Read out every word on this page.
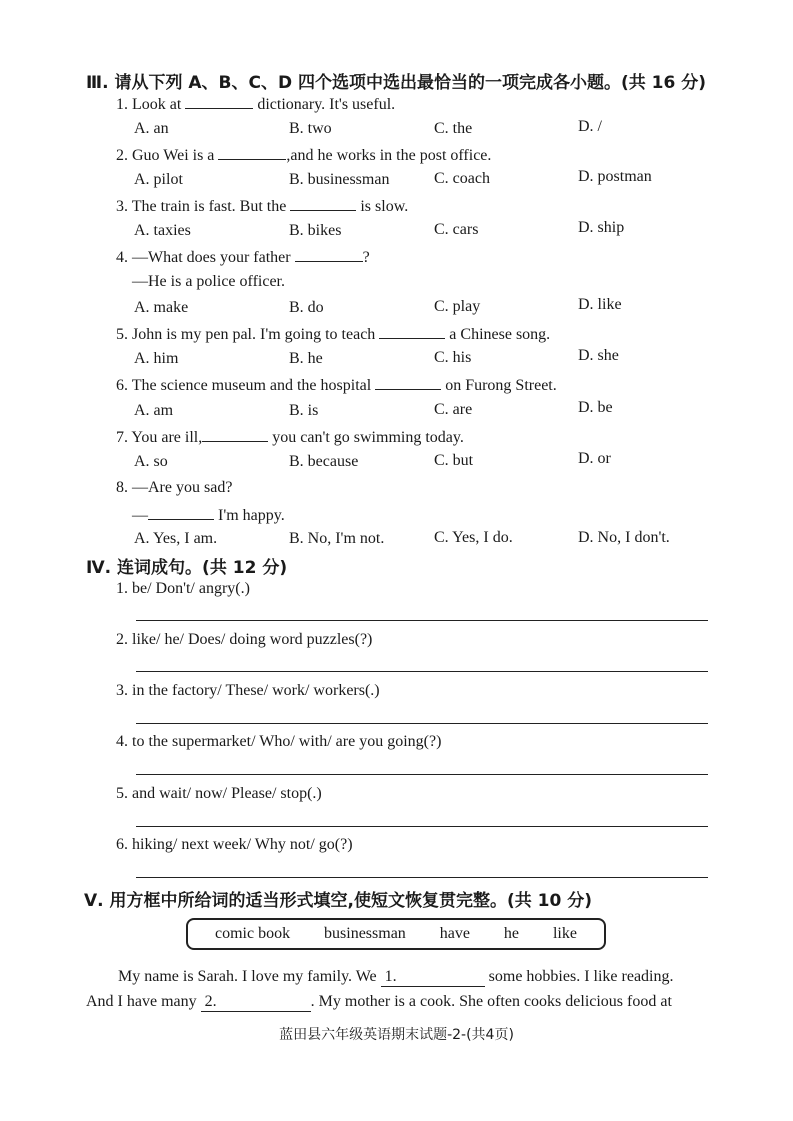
Ⅲ. 请从下列 A、B、C、D 四个选项中选出最恰当的一项完成各小题。(共 16 分)
1. Look at	dictionary. It's useful.
A. an	B. two	C. the	D. /
2. Guo Wei is a	,and he works in the post office.
A. pilot	B. businessman	C. coach	D. postman
3. The train is fast. But the	is slow.
A. taxies	B. bikes	C. cars	D. ship
4. —What does your father	?
—He is a police officer.
A. make	B. do	C. play	D. like
5. John is my pen pal. I'm going to teach	a Chinese song.
A. him	B. he	C. his	D. she
6. The science museum and the hospital	on Furong Street.
A. am	B. is	C. are	D. be
7. You are ill,	you can't go swimming today.
A. so	B. because	C. but	D. or
8. —Are you sad?
—	I'm happy.
A. Yes, I am.	B. No, I'm not.	C. Yes, I do.	D. No, I don't.
Ⅳ. 连词成句。(共 12 分)
1. be/ Don't/ angry(.)
2. like/ he/ Does/ doing word puzzles(?)
3. in the factory/ These/ work/ workers(.)
4. to the supermarket/ Who/ with/ are you going(?)
5. and wait/ now/ Please/ stop(.)
6. hiking/ next week/ Why not/ go(?)
Ⅴ. 用方框中所给词的适当形式填空,使短文恢复贯完整。(共 10 分)
comic book businessman have he like
My name is Sarah. I love my family. We 1.	some hobbies. I like reading.
And I have many 2.	. My mother is a cook. She often cooks delicious food at
蓝田县六年级英语期末试题-2-(共4页)
